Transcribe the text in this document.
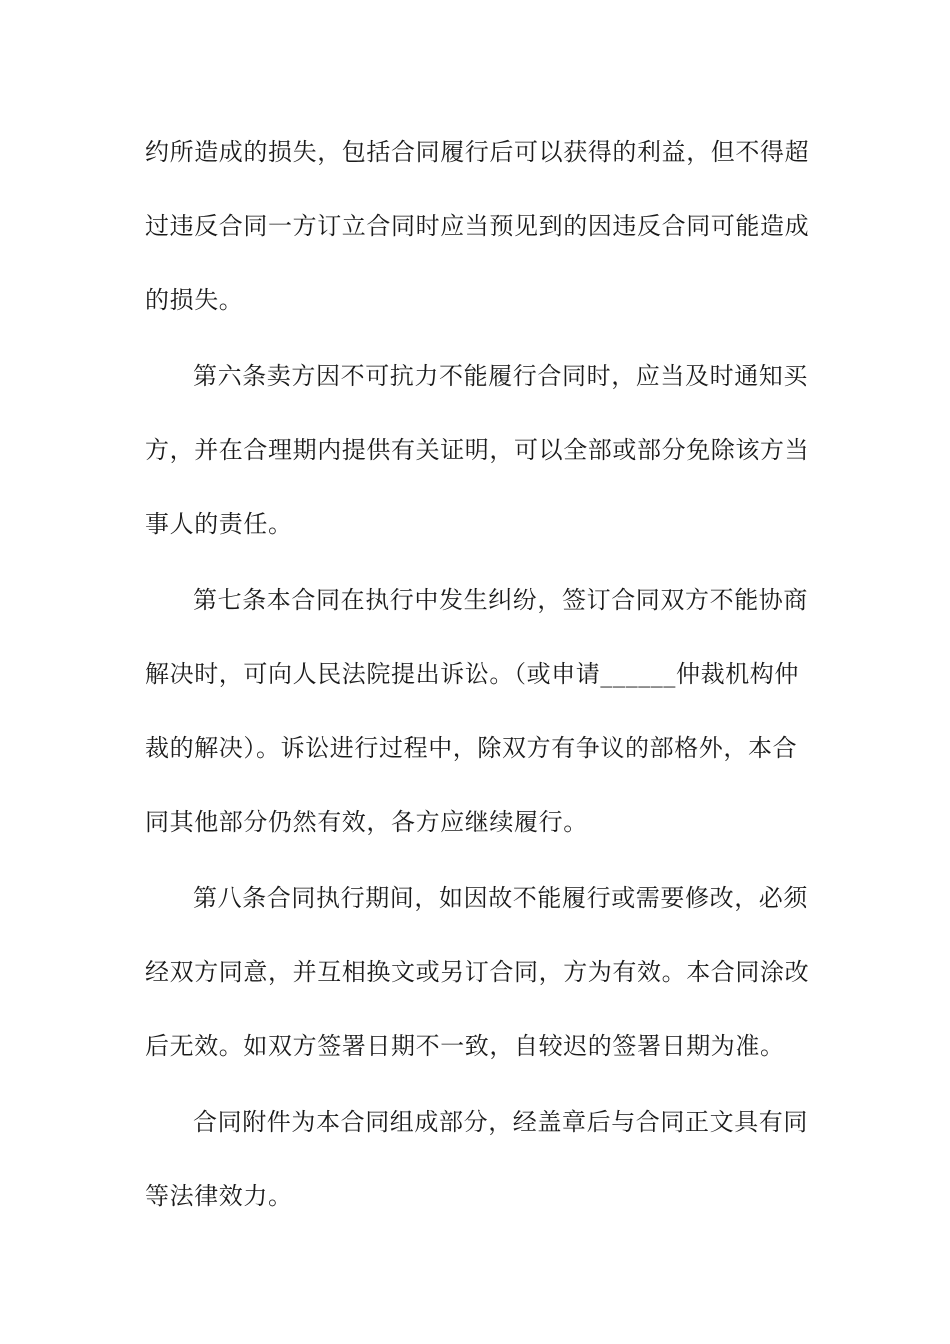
约所造成的损失，包括合同履行后可以获得的利益，但不得超
过违反合同一方订立合同时应当预见到的因违反合同可能造成
的损失。
第六条卖方因不可抗力不能履行合同时，应当及时通知买
方，并在合理期内提供有关证明，可以全部或部分免除该方当
事人的责任。
第七条本合同在执行中发生纠纷，签订合同双方不能协商
解决时，可向人民法院提出诉讼。（或申请______仲裁机构仲
裁的解决）。诉讼进行过程中，除双方有争议的部格外，本合
同其他部分仍然有效，各方应继续履行。
第八条合同执行期间，如因故不能履行或需要修改，必须
经双方同意，并互相换文或另订合同，方为有效。本合同涂改
后无效。如双方签署日期不一致，自较迟的签署日期为准。
合同附件为本合同组成部分，经盖章后与合同正文具有同
等法律效力。
